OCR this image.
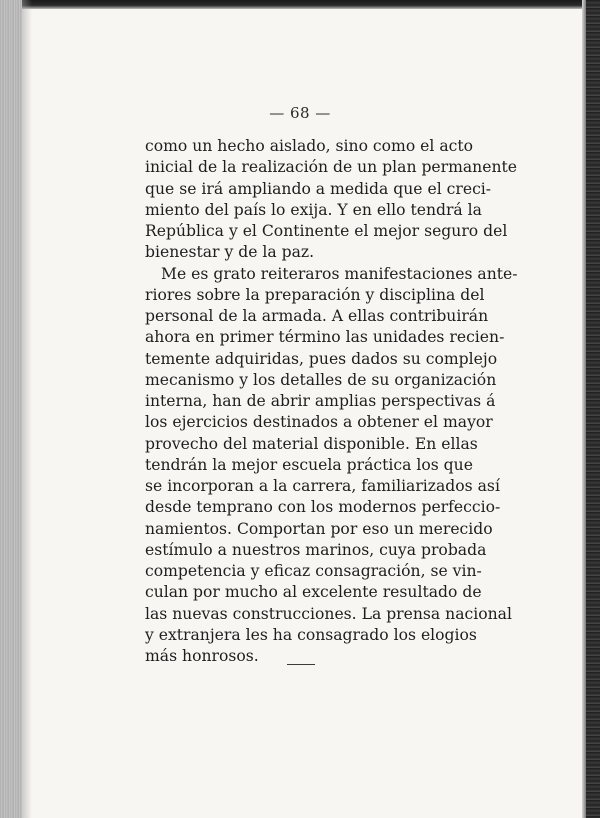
— 68 —
como un hecho aislado, sino como el acto
inicial de la realización de un plan permanente
que se irá ampliando a medida que el creci-
miento del país lo exija. Y en ello tendrá la
República y el Continente el mejor seguro del
bienestar y de la paz.
Me es grato reiteraros manifestaciones ante-
riores sobre la preparación y disciplina del
personal de la armada. A ellas contribuirán
ahora en primer término las unidades recien-
temente adquiridas, pues dados su complejo
mecanismo y los detalles de su organización
interna, han de abrir amplias perspectivas á
los ejercicios destinados a obtener el mayor
provecho del material disponible. En ellas
tendrán la mejor escuela práctica los que
se incorporan a la carrera, familiarizados así
desde temprano con los modernos perfeccio-
namientos. Comportan por eso un merecido
estímulo a nuestros marinos, cuya probada
competencia y eficaz consagración, se vin-
culan por mucho al excelente resultado de
las nuevas construcciones. La prensa nacional
y extranjera les ha consagrado los elogios
más honrosos.
